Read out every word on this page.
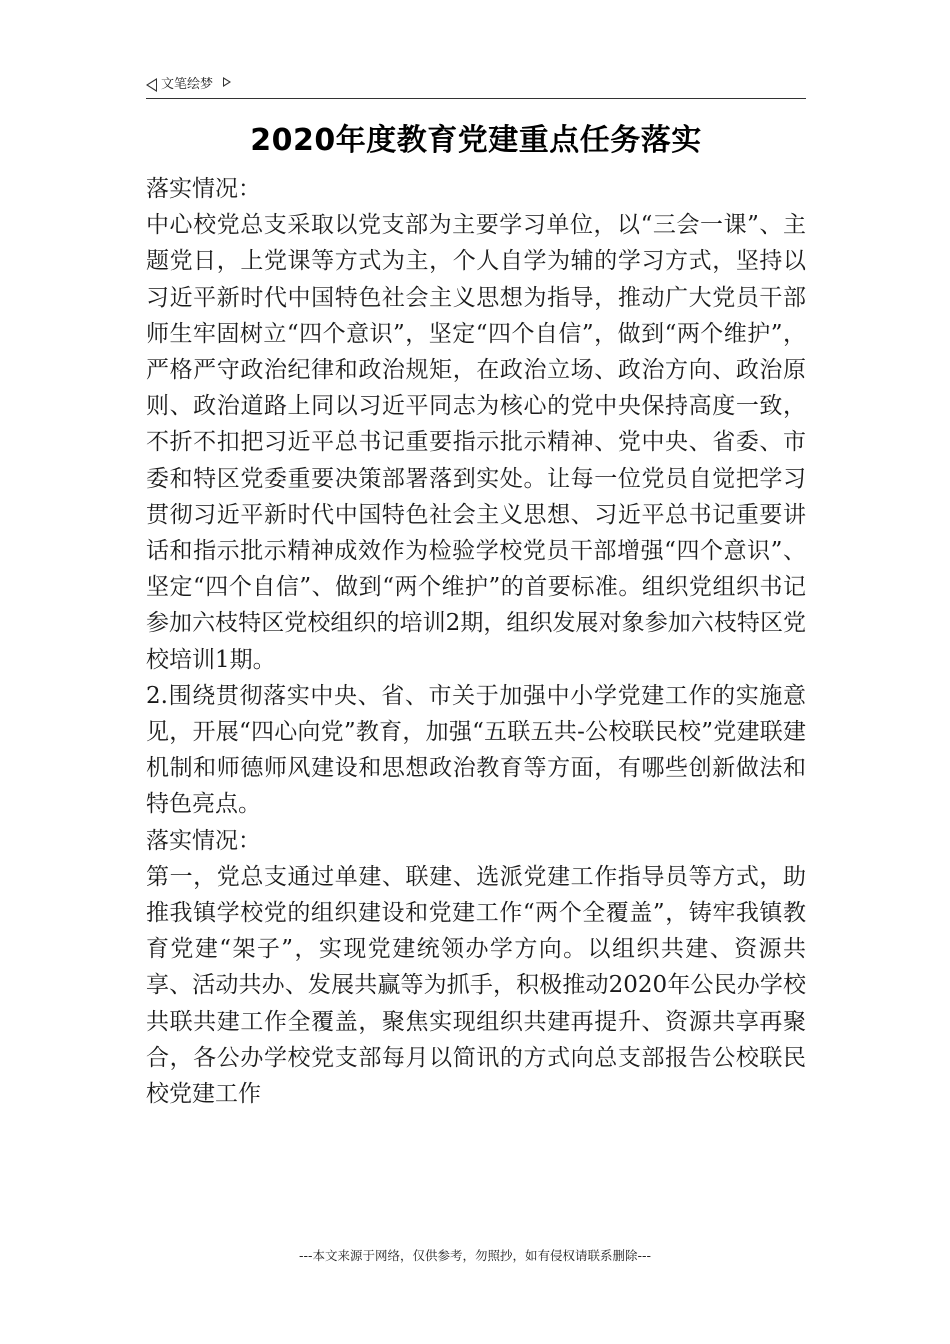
文笔绘梦
2020年度教育党建重点任务落实

落实情况：

中心校党总支采取以党支部为主要学习单位，以“三会一课”、主题党日，上党课等方式为主，个人自学为辅的学习方式，坚持以习近平新时代中国特色社会主义思想为指导，推动广大党员干部师生牢固树立“四个意识”，坚定“四个自信”，做到“两个维护”，严格严守政治纪律和政治规矩，在政治立场、政治方向、政治原则、政治道路上同以习近平同志为核心的党中央保持高度一致，不折不扣把习近平总书记重要指示批示精神、党中央、省委、市委和特区党委重要决策部署落到实处。让每一位党员自觉把学习贯彻习近平新时代中国特色社会主义思想、习近平总书记重要讲话和指示批示精神成效作为检验学校党员干部增强“四个意识”、坚定“四个自信”、做到“两个维护”的首要标准。组织党组织书记参加六枝特区党校组织的培训2期，组织发展对象参加六枝特区党校培训1期。

2.围绕贯彻落实中央、省、市关于加强中小学党建工作的实施意见，开展“四心向党”教育，加强“五联五共-公校联民校”党建联建机制和师德师风建设和思想政治教育等方面，有哪些创新做法和特色亮点。

落实情况：

第一，党总支通过单建、联建、选派党建工作指导员等方式，助推我镇学校党的组织建设和党建工作“两个全覆盖”，铸牢我镇教育党建“架子”，实现党建统领办学方向。以组织共建、资源共享、活动共办、发展共赢等为抓手，积极推动2020年公民办学校共联共建工作全覆盖，聚焦实现组织共建再提升、资源共享再聚合，各公办学校党支部每月以简讯的方式向总支部报告公校联民校党建工作

---本文来源于网络，仅供参考，勿照抄，如有侵权请联系删除---
